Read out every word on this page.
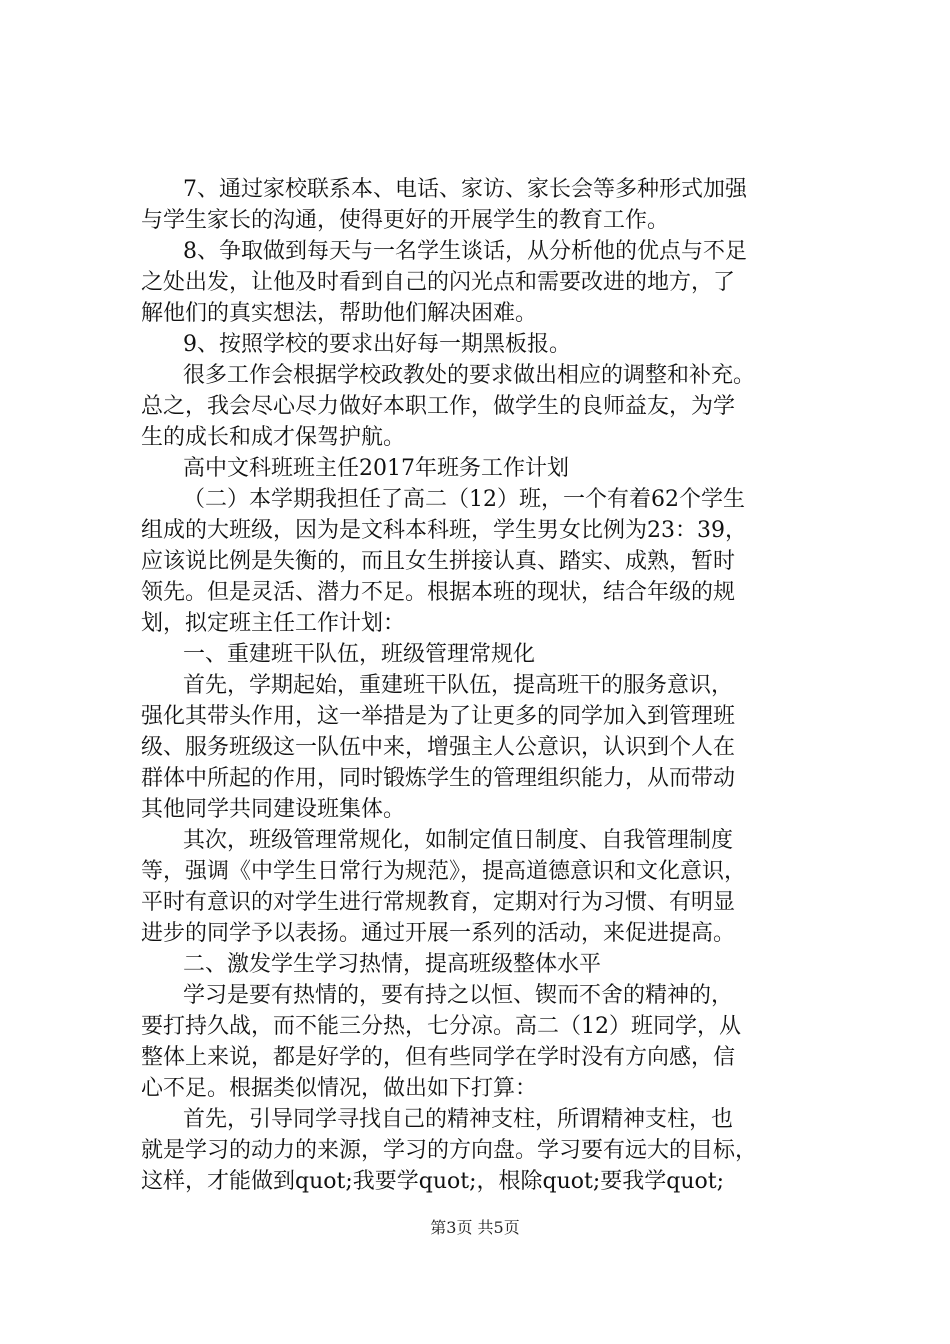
7、通过家校联系本、电话、家访、家长会等多种形式加强
与学生家长的沟通，使得更好的开展学生的教育工作。
8、争取做到每天与一名学生谈话，从分析他的优点与不足
之处出发，让他及时看到自己的闪光点和需要改进的地方，了
解他们的真实想法，帮助他们解决困难。
9、按照学校的要求出好每一期黑板报。
很多工作会根据学校政教处的要求做出相应的调整和补充。
总之，我会尽心尽力做好本职工作，做学生的良师益友，为学
生的成长和成才保驾护航。
高中文科班班主任2017年班务工作计划
（二）本学期我担任了高二（12）班，一个有着62个学生
组成的大班级，因为是文科本科班，学生男女比例为23：39，
应该说比例是失衡的，而且女生拼接认真、踏实、成熟，暂时
领先。但是灵活、潜力不足。根据本班的现状，结合年级的规
划，拟定班主任工作计划：
一、重建班干队伍，班级管理常规化
首先，学期起始，重建班干队伍，提高班干的服务意识，
强化其带头作用，这一举措是为了让更多的同学加入到管理班
级、服务班级这一队伍中来，增强主人公意识，认识到个人在
群体中所起的作用，同时锻炼学生的管理组织能力，从而带动
其他同学共同建设班集体。
其次，班级管理常规化，如制定值日制度、自我管理制度
等，强调《中学生日常行为规范》，提高道德意识和文化意识，
平时有意识的对学生进行常规教育，定期对行为习惯、有明显
进步的同学予以表扬。通过开展一系列的活动，来促进提高。
二、激发学生学习热情，提高班级整体水平
学习是要有热情的，要有持之以恒、锲而不舍的精神的，
要打持久战，而不能三分热，七分凉。高二（12）班同学，从
整体上来说，都是好学的，但有些同学在学时没有方向感，信
心不足。根据类似情况，做出如下打算：
首先，引导同学寻找自己的精神支柱，所谓精神支柱，也
就是学习的动力的来源，学习的方向盘。学习要有远大的目标，
这样，才能做到quot;我要学quot;，根除quot;要我学quot;
第3页 共5页
